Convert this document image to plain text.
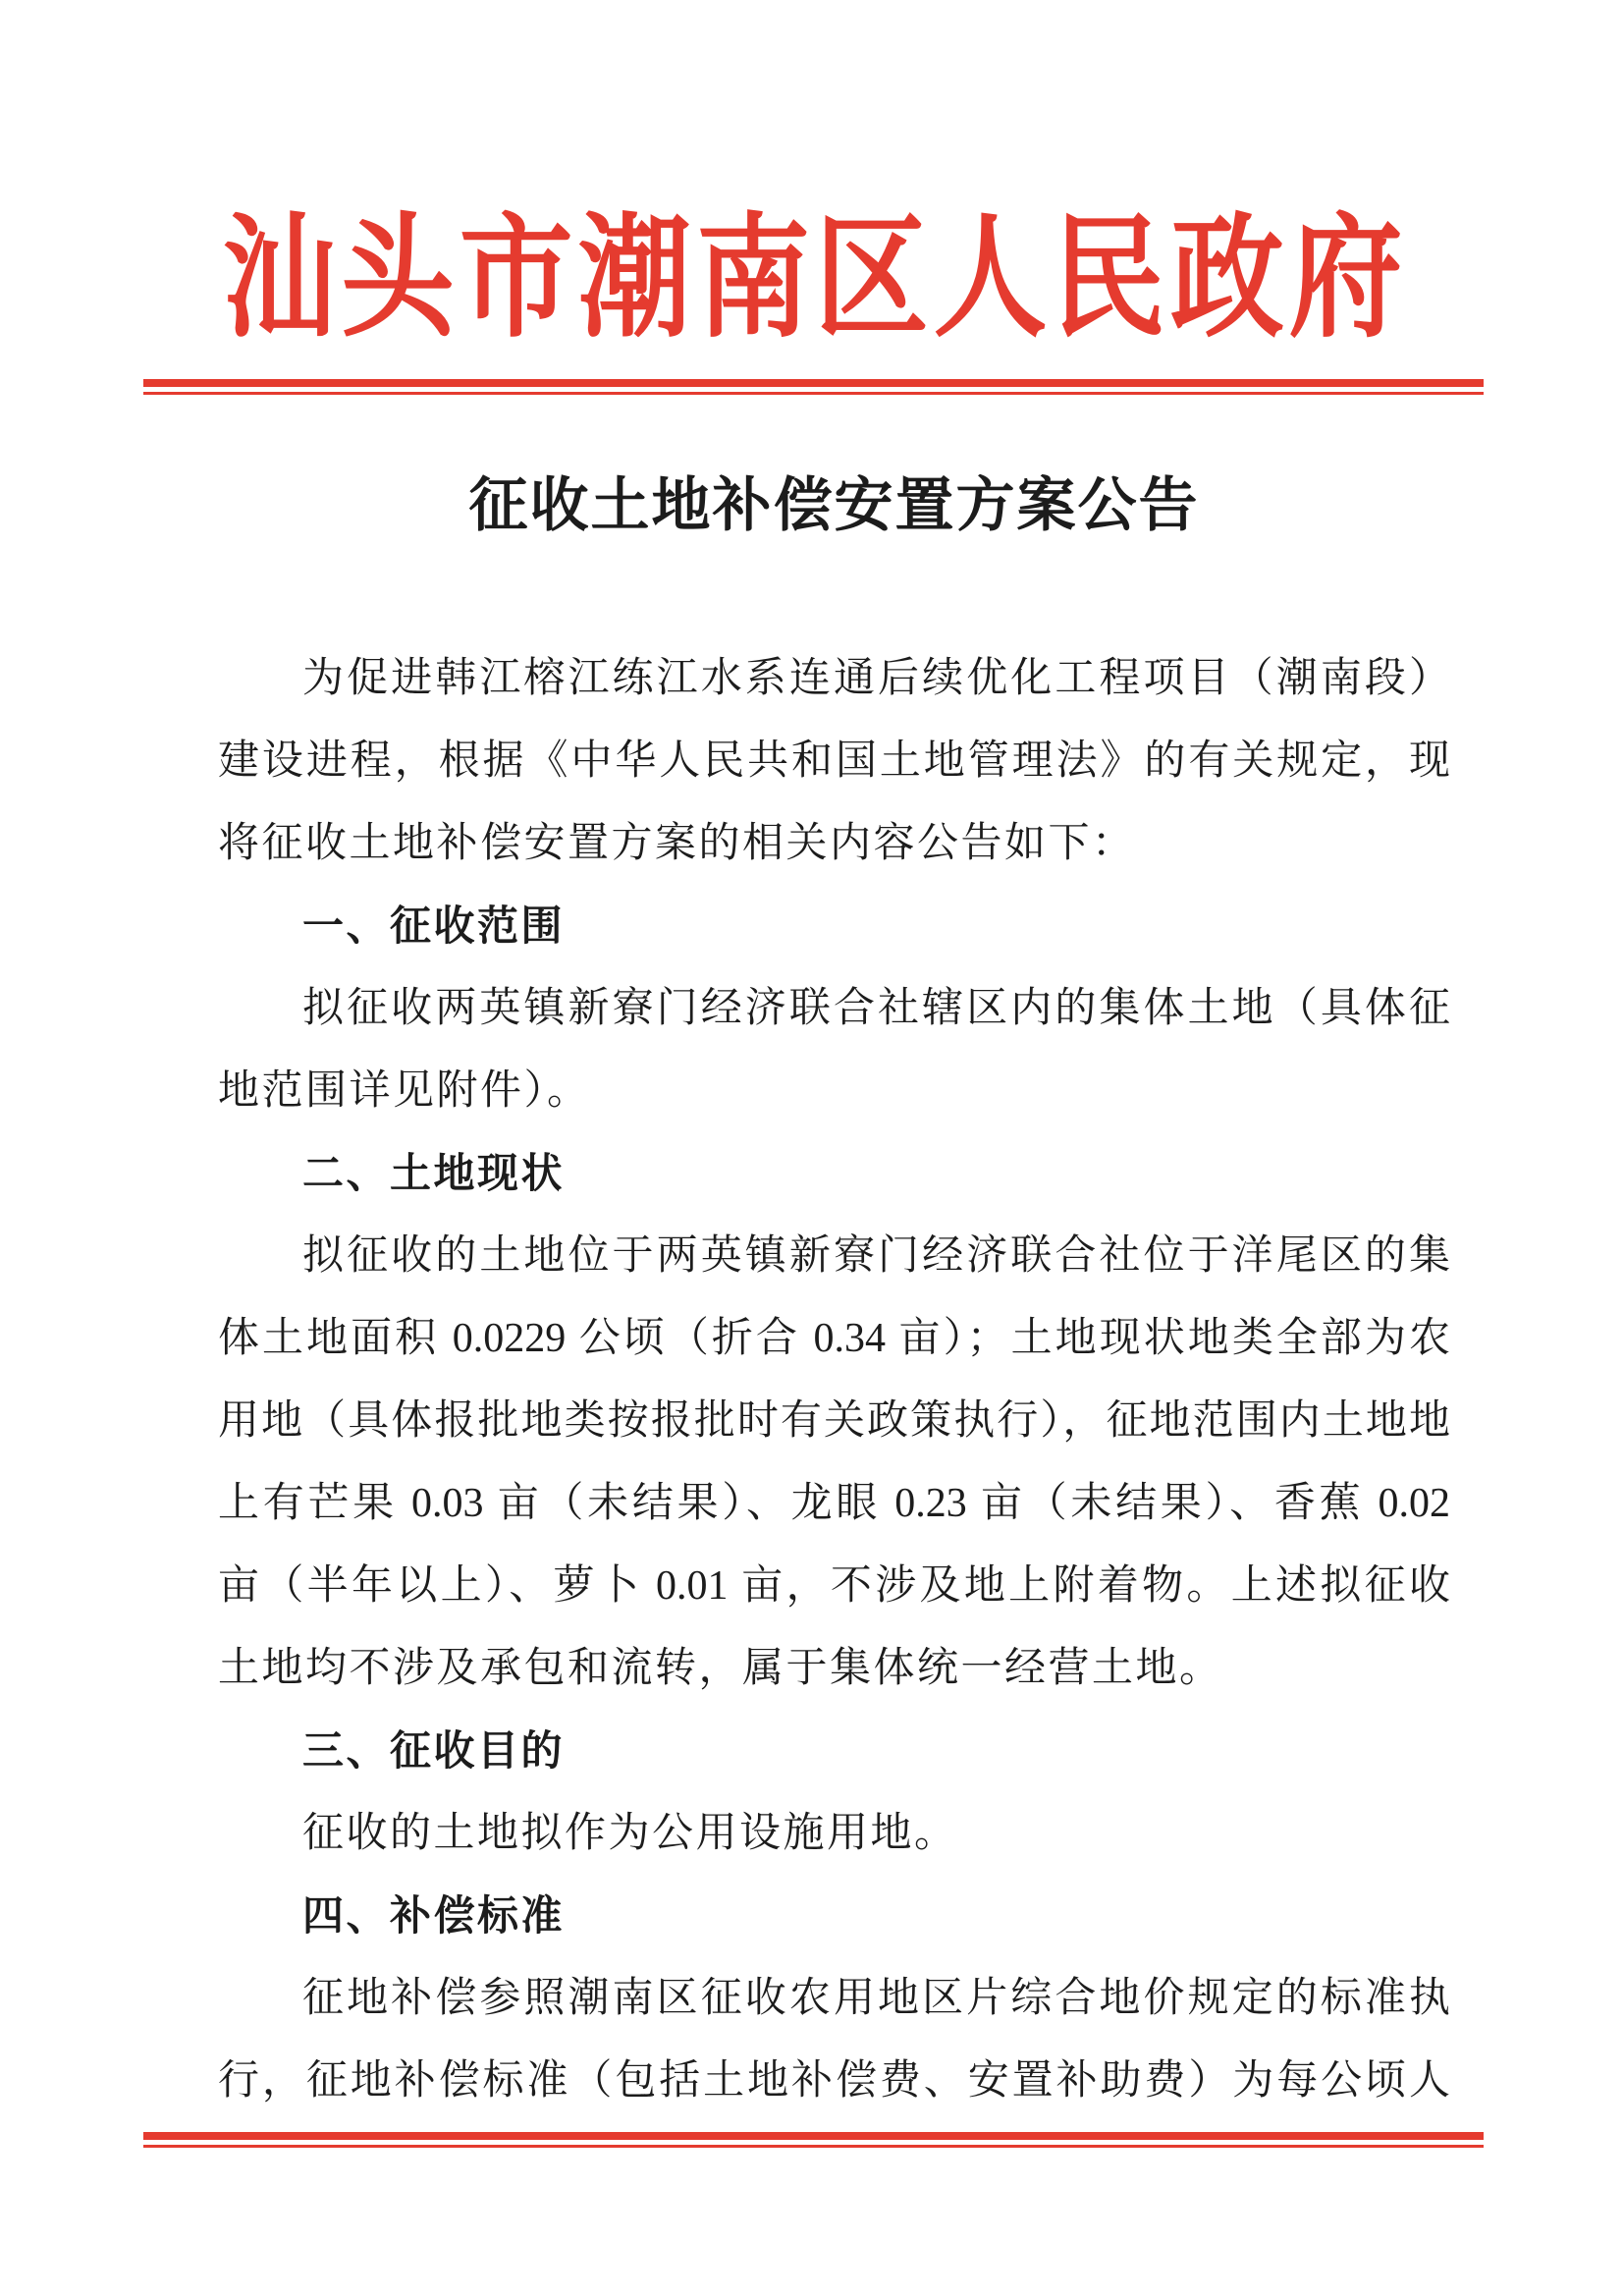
汕头市潮南区人民政府
征收土地补偿安置方案公告
为促进韩江榕江练江水系连通后续优化工程项目（潮南段）
建设进程，根据《中华人民共和国土地管理法》的有关规定，现
将征收土地补偿安置方案的相关内容公告如下：
一、征收范围
拟征收两英镇新寮门经济联合社辖区内的集体土地（具体征
地范围详见附件）。
二、土地现状
拟征收的土地位于两英镇新寮门经济联合社位于洋尾区的集
体土地面积 0.0229 公顷（折合 0.34 亩）；土地现状地类全部为农
用地（具体报批地类按报批时有关政策执行），征地范围内土地地
上有芒果 0.03 亩（未结果）、龙眼 0.23 亩（未结果）、香蕉 0.02
亩（半年以上）、萝卜 0.01 亩，不涉及地上附着物。上述拟征收
土地均不涉及承包和流转，属于集体统一经营土地。
三、征收目的
征收的土地拟作为公用设施用地。
四、补偿标准
征地补偿参照潮南区征收农用地区片综合地价规定的标准执
行，征地补偿标准（包括土地补偿费、安置补助费）为每公顷人
